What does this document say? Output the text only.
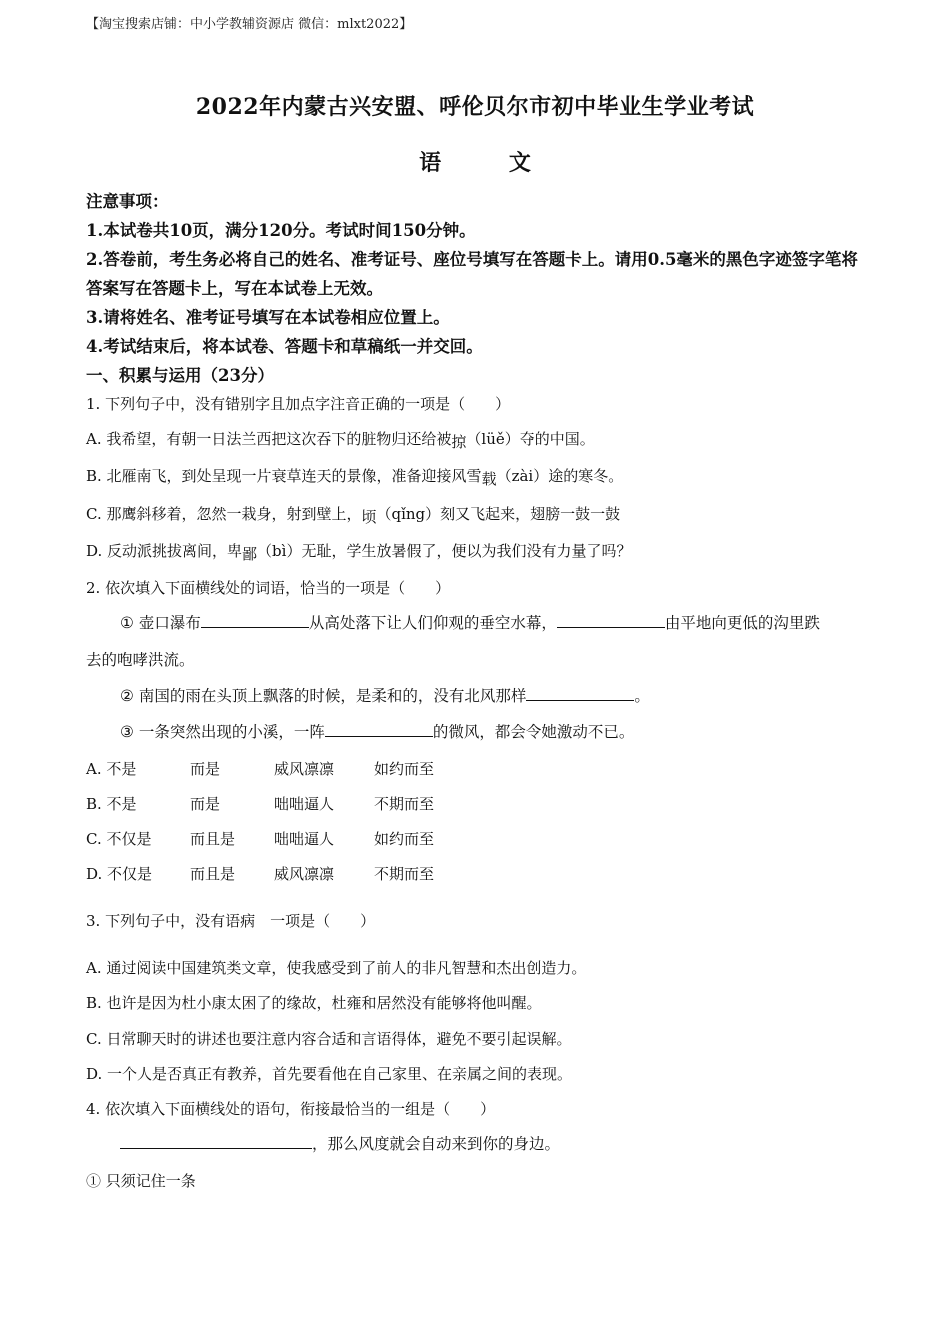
【淘宝搜索店铺：中小学教辅资源店 微信：mlxt2022】
2022年内蒙古兴安盟、呼伦贝尔市初中毕业生学业考试
语 文
注意事项：
1.本试卷共10页，满分120分。考试时间150分钟。
2.答卷前，考生务必将自己的姓名、准考证号、座位号填写在答题卡上。请用0.5毫米的黑色字迹签字笔将答案写在答题卡上，写在本试卷上无效。
3.请将姓名、准考证号填写在本试卷相应位置上。
4.考试结束后，将本试卷、答题卡和草稿纸一并交回。
一、积累与运用（23分）
1. 下列句子中，没有错别字且加点字注音正确的一项是（　　）
A. 我希望，有朝一日法兰西把这次吞下的脏物归还给被掠（lüě）夺的中国。
B. 北雁南飞，到处呈现一片衰草连天的景像，准备迎接风雪载（zài）途的寒冬。
C. 那鹰斜移着，忽然一栽身，射到壁上，顷（qǐng）刻又飞起来，翅膀一鼓一鼓
D. 反动派挑拔离间，卑鄙（bì）无耻，学生放暑假了，便以为我们没有力量了吗？
2. 依次填入下面横线处的词语，恰当的一项是（　　）
① 壶口瀑布	从高处落下让人们仰观的垂空水幕，	由平地向更低的沟里跌
去的咆哮洪流。
② 南国的雨在头顶上飘落的时候，是柔和的，没有北风那样	。
③ 一条突然出现的小溪，一阵	的微风，都会令她激动不已。
A. 不是	而是	威风凛凛	如约而至
B. 不是	而是	咄咄逼人	不期而至
C. 不仅是	而且是	咄咄逼人	如约而至
D. 不仅是	而且是	威风凛凛	不期而至
3. 下列句子中，没有语病　一项是（　　）
A. 通过阅读中国建筑类文章，使我感受到了前人的非凡智慧和杰出创造力。
B. 也许是因为杜小康太困了的缘故，杜雍和居然没有能够将他叫醒。
C. 日常聊天时的讲述也要注意内容合适和言语得体，避免不要引起误解。
D. 一个人是否真正有教养，首先要看他在自己家里、在亲属之间的表现。
4. 依次填入下面横线处的语句，衔接最恰当的一组是（　　）
，那么风度就会自动来到你的身边。
① 只须记住一条
